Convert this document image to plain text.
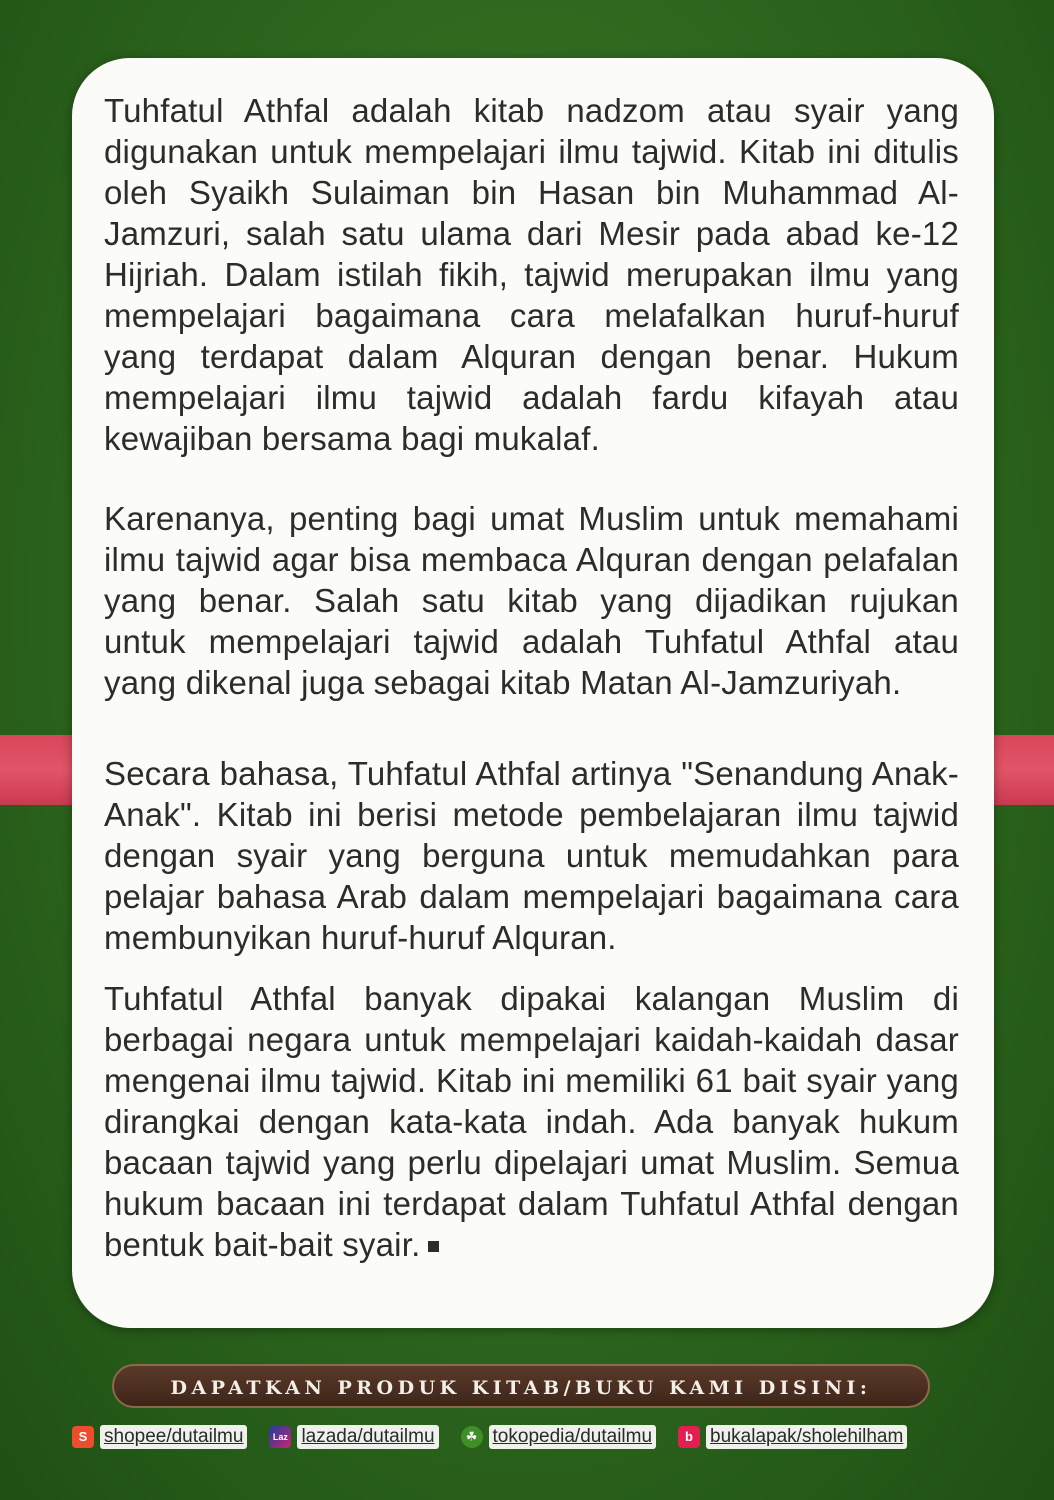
Tuhfatul Athfal adalah kitab nadzom atau syair yang digunakan untuk mempelajari ilmu tajwid. Kitab ini ditulis oleh Syaikh Sulaiman bin Hasan bin Muhammad Al-Jamzuri, salah satu ulama dari Mesir pada abad ke-12 Hijriah. Dalam istilah fikih, tajwid merupakan ilmu yang mempelajari bagaimana cara melafalkan huruf-huruf yang terdapat dalam Alquran dengan benar. Hukum mempelajari ilmu tajwid adalah fardu kifayah atau kewajiban bersama bagi mukalaf.

Karenanya, penting bagi umat Muslim untuk memahami ilmu tajwid agar bisa membaca Alquran dengan pelafalan yang benar. Salah satu kitab yang dijadikan rujukan untuk mempelajari tajwid adalah Tuhfatul Athfal atau yang dikenal juga sebagai kitab Matan Al-Jamzuriyah.

Secara bahasa, Tuhfatul Athfal artinya "Senandung Anak-Anak". Kitab ini berisi metode pembelajaran ilmu tajwid dengan syair yang berguna untuk memudahkan para pelajar bahasa Arab dalam mempelajari bagaimana cara membunyikan huruf-huruf Alquran.

Tuhfatul Athfal banyak dipakai kalangan Muslim di berbagai negara untuk mempelajari kaidah-kaidah dasar mengenai ilmu tajwid. Kitab ini memiliki 61 bait syair yang dirangkai dengan kata-kata indah. Ada banyak hukum bacaan tajwid yang perlu dipelajari umat Muslim. Semua hukum bacaan ini terdapat dalam Tuhfatul Athfal dengan bentuk bait-bait syair.

DAPATKAN PRODUK KITAB/BUKU KAMI DISINI:
S shopee/dutailmu	Laz lazada/dutailmu	☘ tokopedia/dutailmu	b bukalapak/sholehilham
